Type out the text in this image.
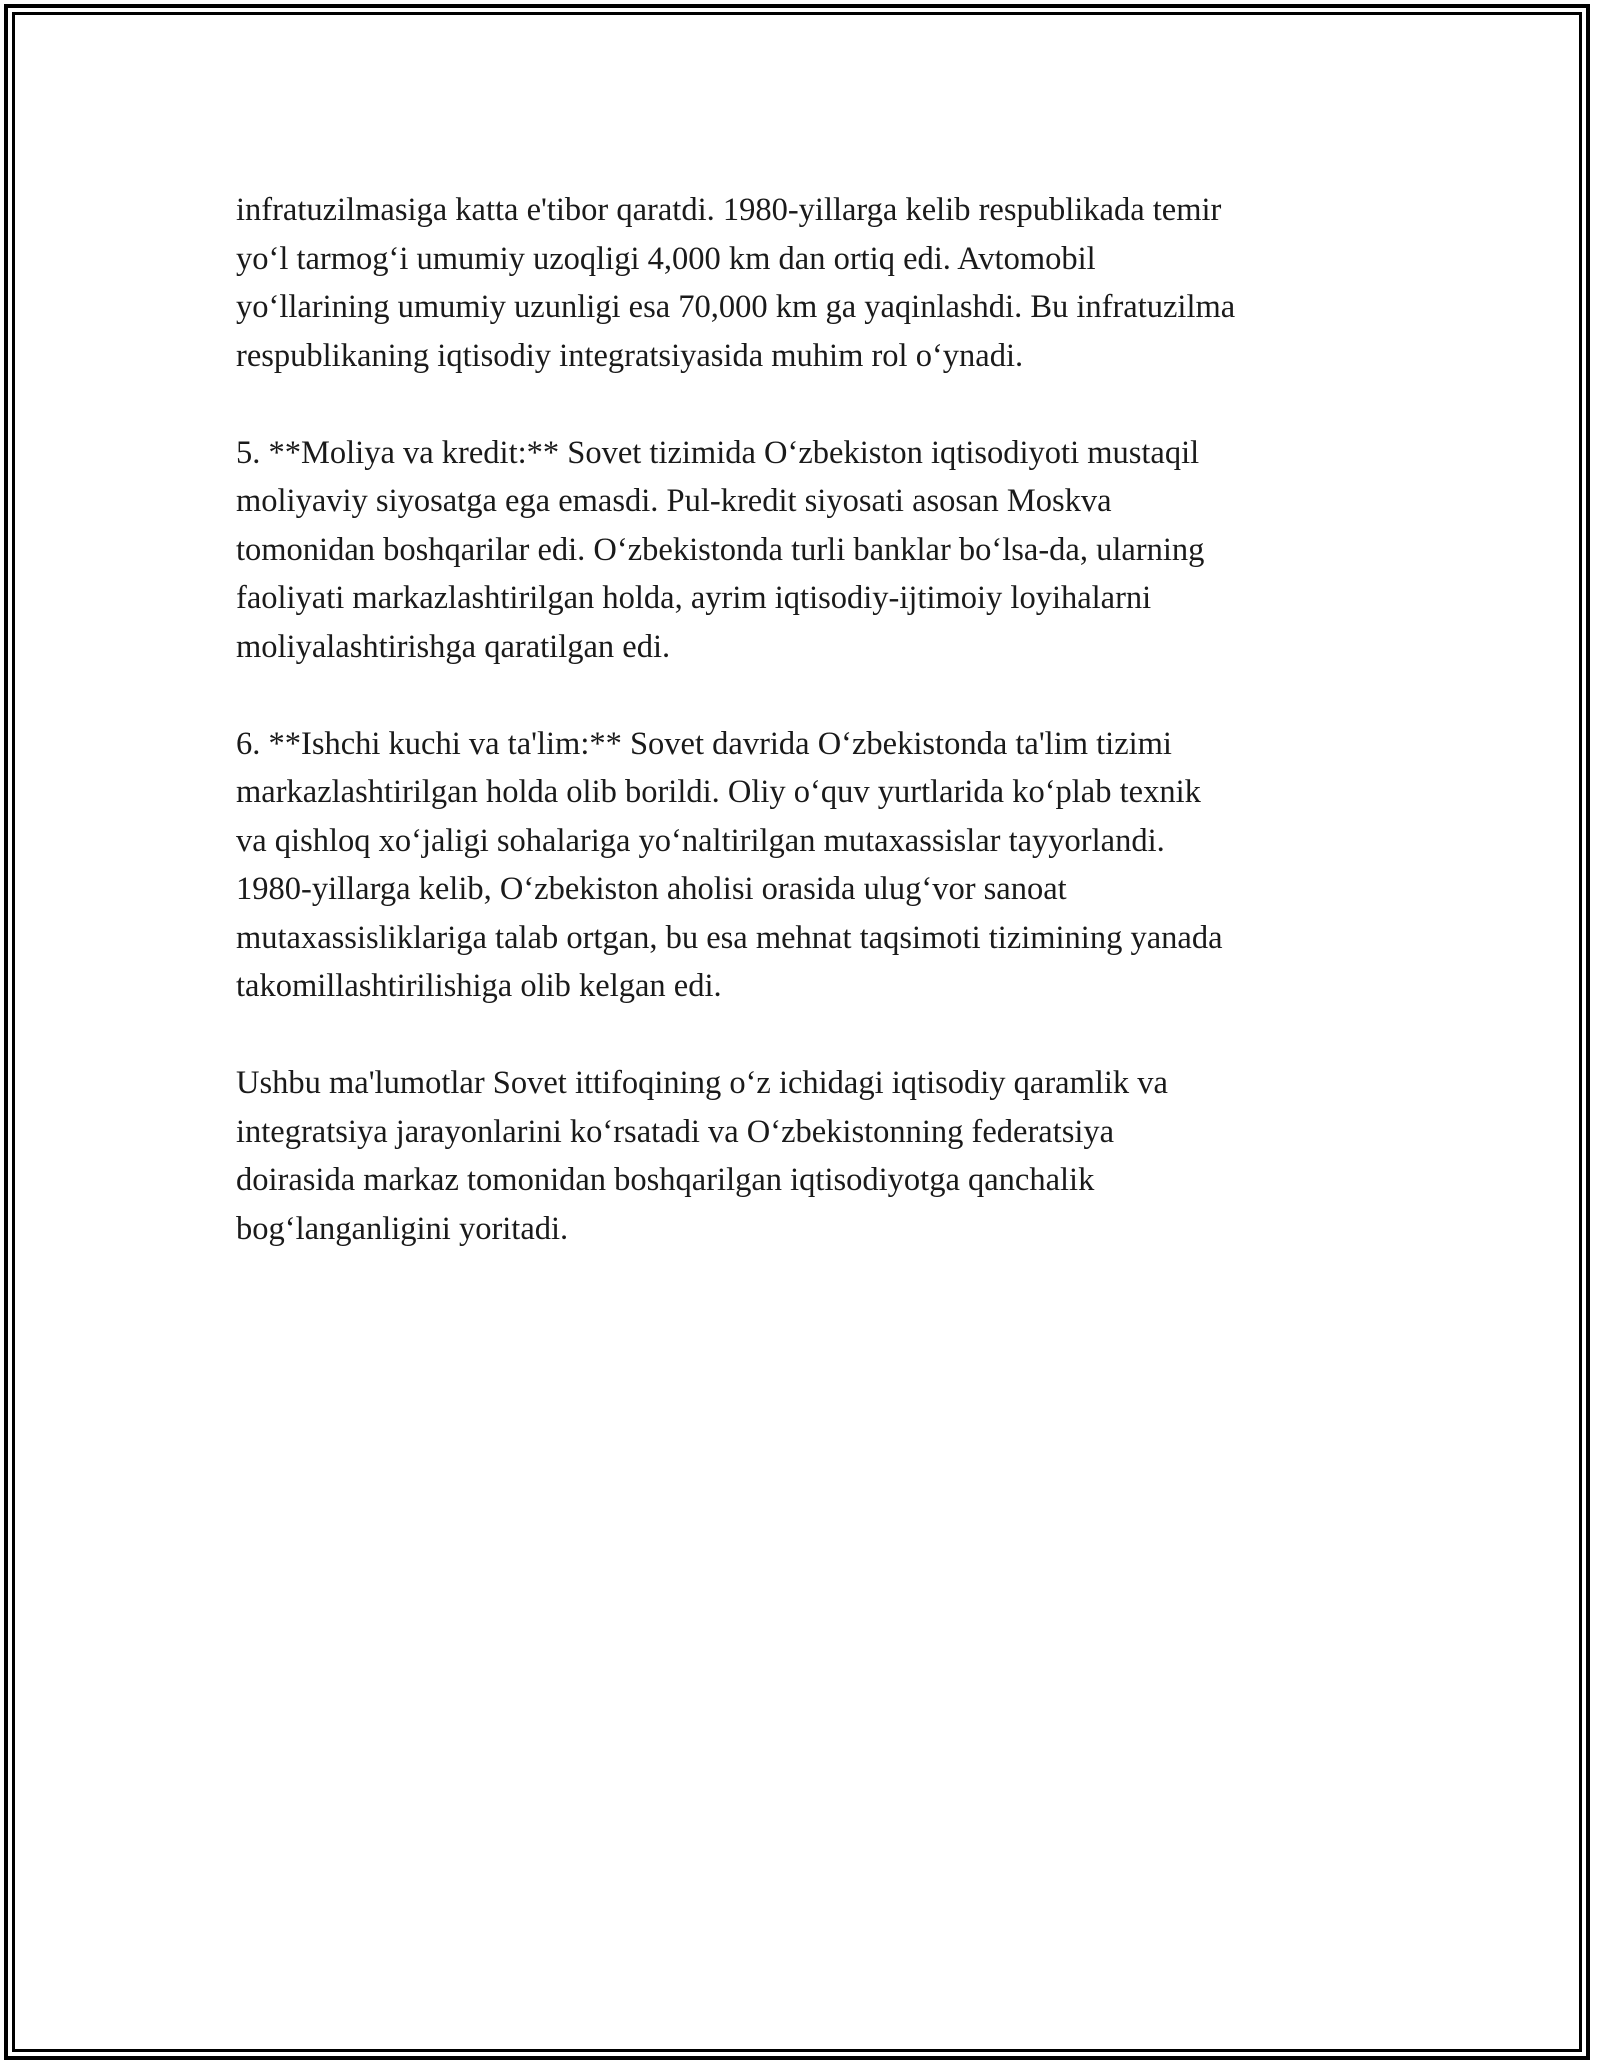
infratuzilmasiga katta e'tibor qaratdi. 1980-yillarga kelib respublikada temir
yo‘l tarmog‘i umumiy uzoqligi 4,000 km dan ortiq edi. Avtomobil
yo‘llarining umumiy uzunligi esa 70,000 km ga yaqinlashdi. Bu infratuzilma
respublikaning iqtisodiy integratsiyasida muhim rol o‘ynadi.

5. **Moliya va kredit:** Sovet tizimida O‘zbekiston iqtisodiyoti mustaqil
moliyaviy siyosatga ega emasdi. Pul-kredit siyosati asosan Moskva
tomonidan boshqarilar edi. O‘zbekistonda turli banklar bo‘lsa-da, ularning
faoliyati markazlashtirilgan holda, ayrim iqtisodiy-ijtimoiy loyihalarni
moliyalashtirishga qaratilgan edi.

6. **Ishchi kuchi va ta'lim:** Sovet davrida O‘zbekistonda ta'lim tizimi
markazlashtirilgan holda olib borildi. Oliy o‘quv yurtlarida ko‘plab texnik
va qishloq xo‘jaligi sohalariga yo‘naltirilgan mutaxassislar tayyorlandi.
1980-yillarga kelib, O‘zbekiston aholisi orasida ulug‘vor sanoat
mutaxassisliklariga talab ortgan, bu esa mehnat taqsimoti tizimining yanada
takomillashtirilishiga olib kelgan edi.

Ushbu ma'lumotlar Sovet ittifoqining o‘z ichidagi iqtisodiy qaramlik va
integratsiya jarayonlarini ko‘rsatadi va O‘zbekistonning federatsiya
doirasida markaz tomonidan boshqarilgan iqtisodiyotga qanchalik
bog‘langanligini yoritadi.
